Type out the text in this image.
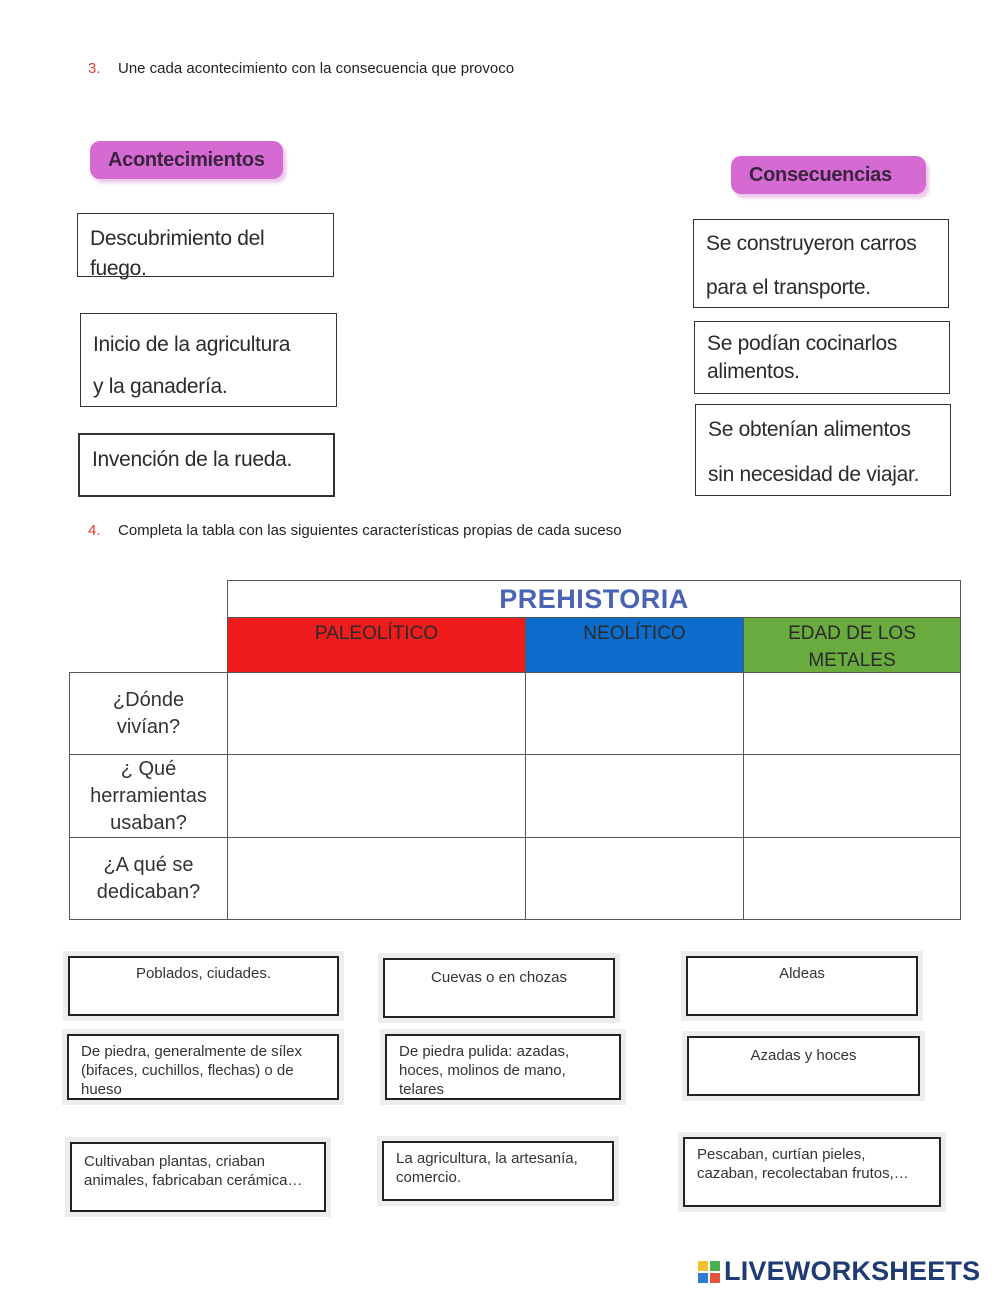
3. Une cada acontecimiento con la consecuencia que provoco
Acontecimientos
Consecuencias
Descubrimiento del fuego.
Inicio de la agricultura
y la ganadería.
Invención de la rueda.
Se construyeron carros
para el transporte.
Se podían cocinarlos
alimentos.
Se obtenían alimentos
sin necesidad de viajar.
4. Completa la tabla con las siguientes características propias de cada suceso
PREHISTORIA
PALEOLÍTICO	NEOLÍTICO	EDAD DE LOS METALES
¿Dónde vivían?
¿ Qué herramientas usaban?
¿A qué se dedicaban?
Poblados, ciudades.	Cuevas o en chozas	Aldeas
De piedra, generalmente de sílex (bifaces, cuchillos, flechas) o de hueso
De piedra pulida: azadas, hoces, molinos de mano, telares
Azadas y hoces
Cultivaban plantas, criaban animales, fabricaban cerámica…
La agricultura, la artesanía, comercio.
Pescaban, curtían pieles, cazaban, recolectaban frutos,…
LIVEWORKSHEETS
